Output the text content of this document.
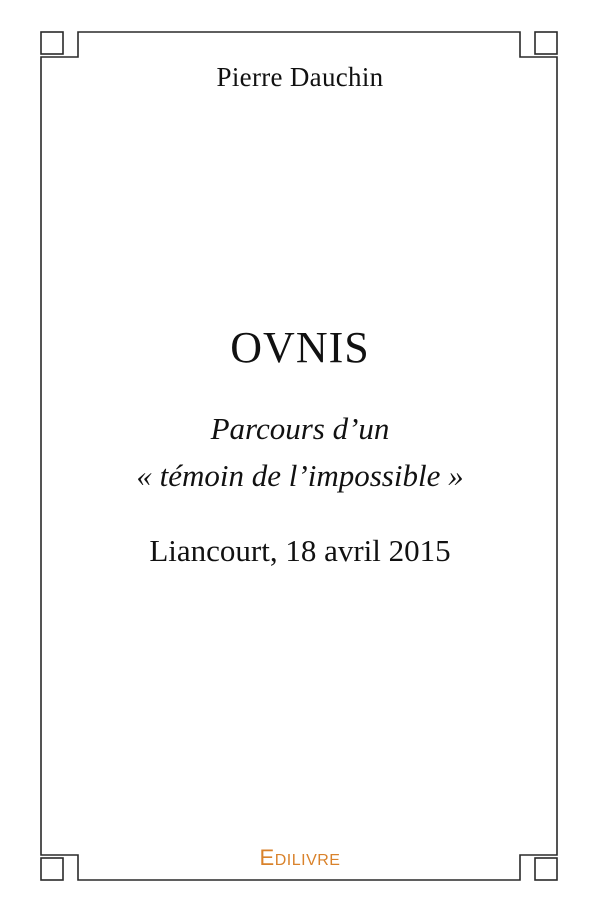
Pierre Dauchin
OVNIS
Parcours d’un
« témoin de l’impossible »
Liancourt, 18 avril 2015
EDILIVRE
